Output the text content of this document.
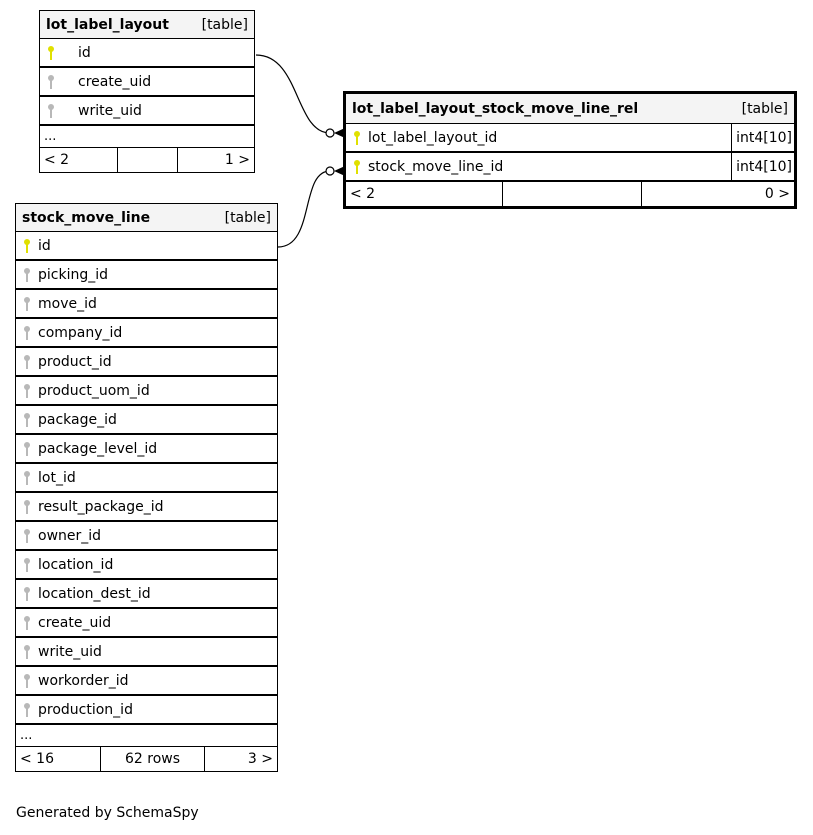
lot_label_layout [table]
id
create_uid
write_uid
...
< 2	1 >
lot_label_layout_stock_move_line_rel	[table]
lot_label_layout_id	int4[10]
stock_move_line_id	int4[10]
< 2	0 >
stock_move_line	[table]
id
picking_id
move_id
company_id
product_id
product_uom_id
package_id
package_level_id
lot_id
result_package_id
owner_id
location_id
location_dest_id
create_uid
write_uid
workorder_id
production_id
...
< 16	62 rows	3 >
Generated by SchemaSpy
